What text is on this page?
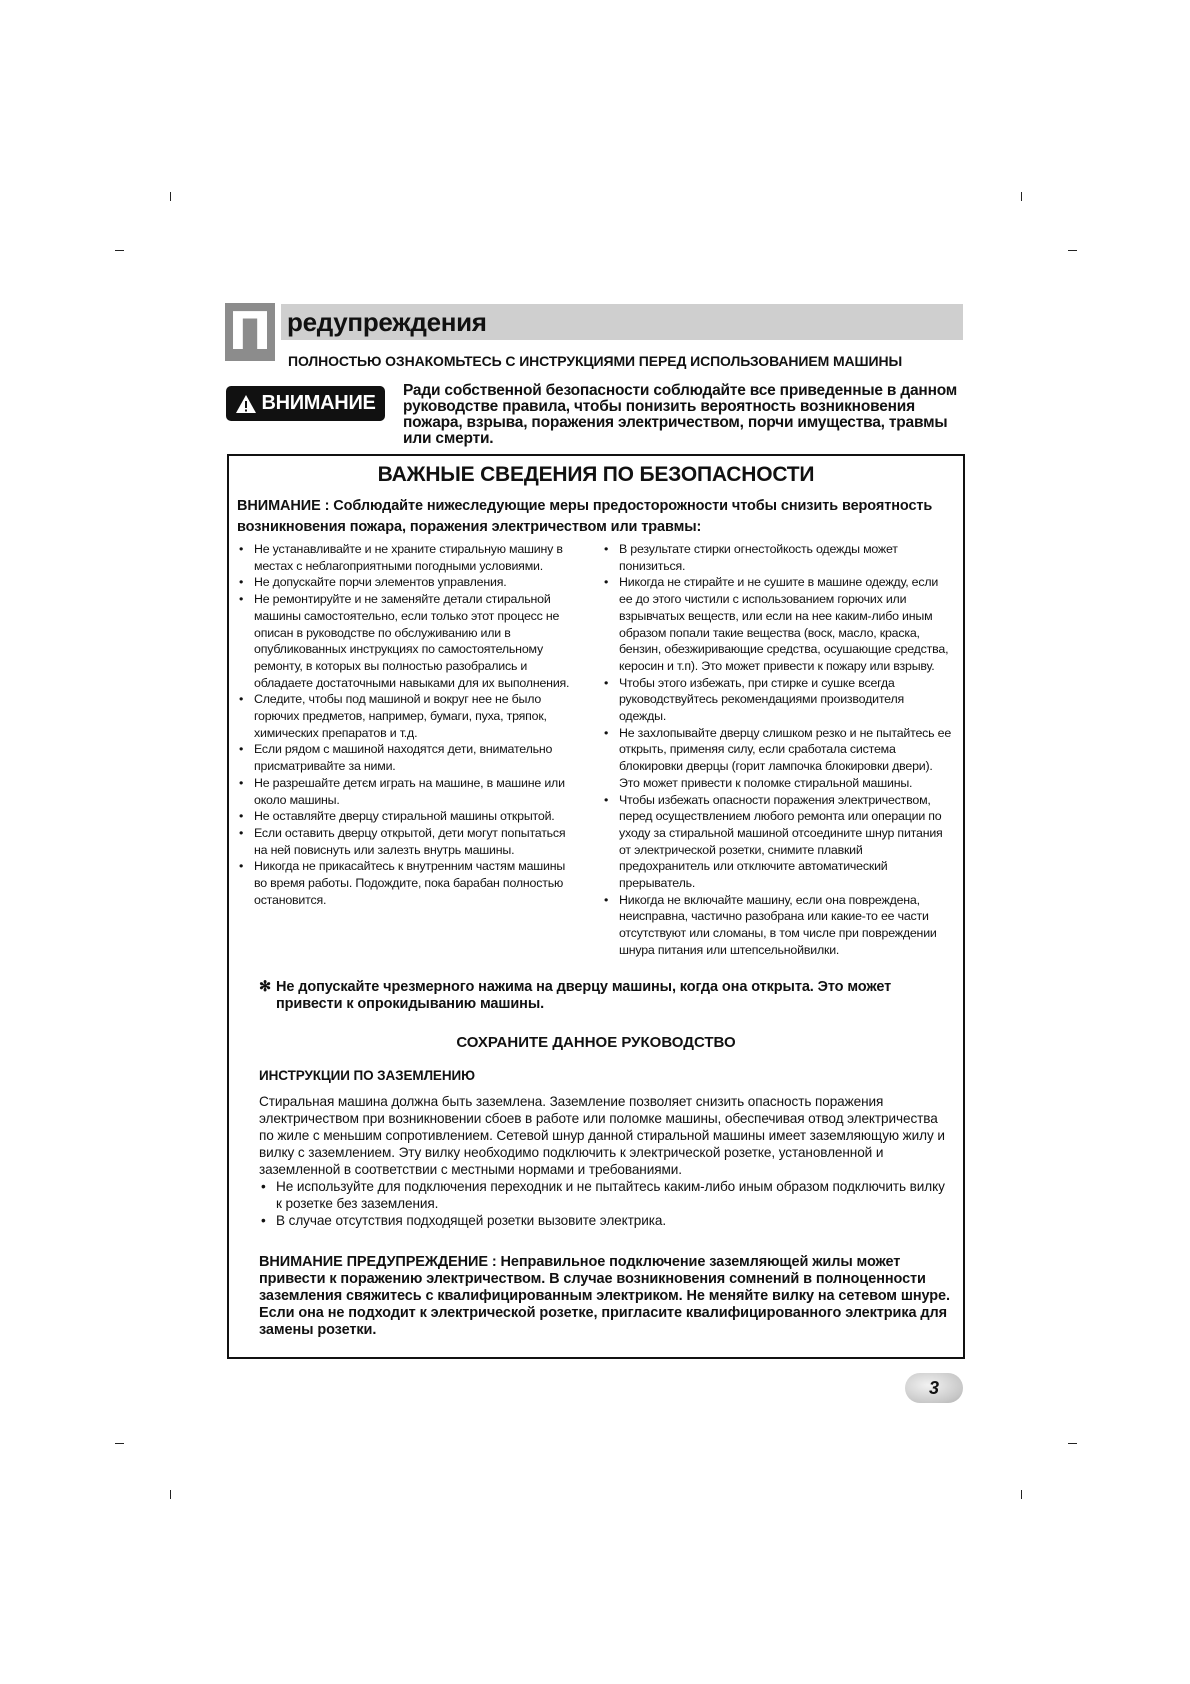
П редупреждения
ПОЛНОСТЬЮ ОЗНАКОМЬТЕСЬ С ИНСТРУКЦИЯМИ ПЕРЕД ИСПОЛЬЗОВАНИЕМ МАШИНЫ
ВНИМАНИЕ
Ради собственной безопасности соблюдайте все приведенные в данном руководстве правила, чтобы понизить вероятность возникновения пожара, взрыва, поражения электричеством, порчи имущества, травмы или смерти.
ВАЖНЫЕ СВЕДЕНИЯ ПО БЕЗОПАСНОСТИ
ВНИМАНИЕ : Соблюдайте нижеследующие меры предосторожности чтобы снизить вероятность возникновения пожара, поражения электричеством или травмы:
• Не устанавливайте и не храните стиральную машину в местах с неблагоприятными погодными условиями.
• Не допускайте порчи элементов управления.
• Не ремонтируйте и не заменяйте детали стиральной машины самостоятельно, если только этот процесс не описан в руководстве по обслуживанию или в опубликованных инструкциях по самостоятельному ремонту, в которых вы полностью разобрались и обладаете достаточными навыками для их выполнения.
• Следите, чтобы под машиной и вокруг нее не было горючих предметов, например, бумаги, пуха, тряпок, химических препаратов и т.д.
• Если рядом с машиной находятся дети, внимательно присматривайте за ними.
• Не разрешайте детєм играть на машине, в машине или около машины.
• Не оставляйте дверцу стиральной машины открытой.
• Если оставить дверцу открытой, дети могут попытаться на ней повиснуть или залезть внутрь машины.
• Никогда не прикасайтесь к внутренним частям машины во время работы. Подождите, пока барабан полностью остановится.
• В результате стирки огнестойкость одежды может понизиться.
• Никогда не стирайте и не сушите в машине одежду, если ее до этого чистили с использованием горючих или взрывчатых веществ, или если на нее каким-либо иным образом попали такие вещества (воск, масло, краска, бензин, обезжиривающие средства, осушающие средства, керосин и т.п). Это может привести к пожару или взрыву.
• Чтобы этого избежать, при стирке и сушке всегда руководствуйтесь рекомендациями производителя одежды.
• Не захлопывайте дверцу слишком резко и не пытайтесь ее открыть, применяя силу, если сработала система блокировки дверцы (горит лампочка блокировки двери). Это может привести к поломке стиральной машины.
• Чтобы избежать опасности поражения электричеством, перед осуществлением любого ремонта или операции по уходу за стиральной машиной отсоедините шнур питания от электрической розетки, снимите плавкий предохранитель или отключите автоматический прерыватель.
• Никогда не включайте машину, если она повреждена, неисправна, частично разобрана или какие-то ее части отсутствуют или сломаны, в том числе при повреждении шнура питания или штепсельнойвилки.
✻ Не допускайте чрезмерного нажима на дверцу машины, когда она открыта. Это может привести к опрокидыванию машины.
СОХРАНИТЕ ДАННОЕ РУКОВОДСТВО
ИНСТРУКЦИИ ПО ЗАЗЕМЛЕНИЮ
Стиральная машина должна быть заземлена. Заземление позволяет снизить опасность поражения электричеством при возникновении сбоев в работе или поломке машины, обеспечивая отвод электричества по жиле с меньшим сопротивлением. Сетевой шнур данной стиральной машины имеет заземляющую жилу и вилку с заземлением. Эту вилку необходимо подключить к электрической розетке, установленной и заземленной в соответствии с местными нормами и требованиями.
• Не используйте для подключения переходник и не пытайтесь каким-либо иным образом подключить вилку к розетке без заземления.
• В случае отсутствия подходящей розетки вызовите электрика.
ВНИМАНИЕ ПРЕДУПРЕЖДЕНИЕ : Неправильное подключение заземляющей жилы может привести к поражению электричеством. В случае возникновения сомнений в полноценности заземления свяжитесь с квалифицированным электриком. Не меняйте вилку на сетевом шнуре. Если она не подходит к электрической розетке, пригласите квалифицированного электрика для замены розетки.
3
